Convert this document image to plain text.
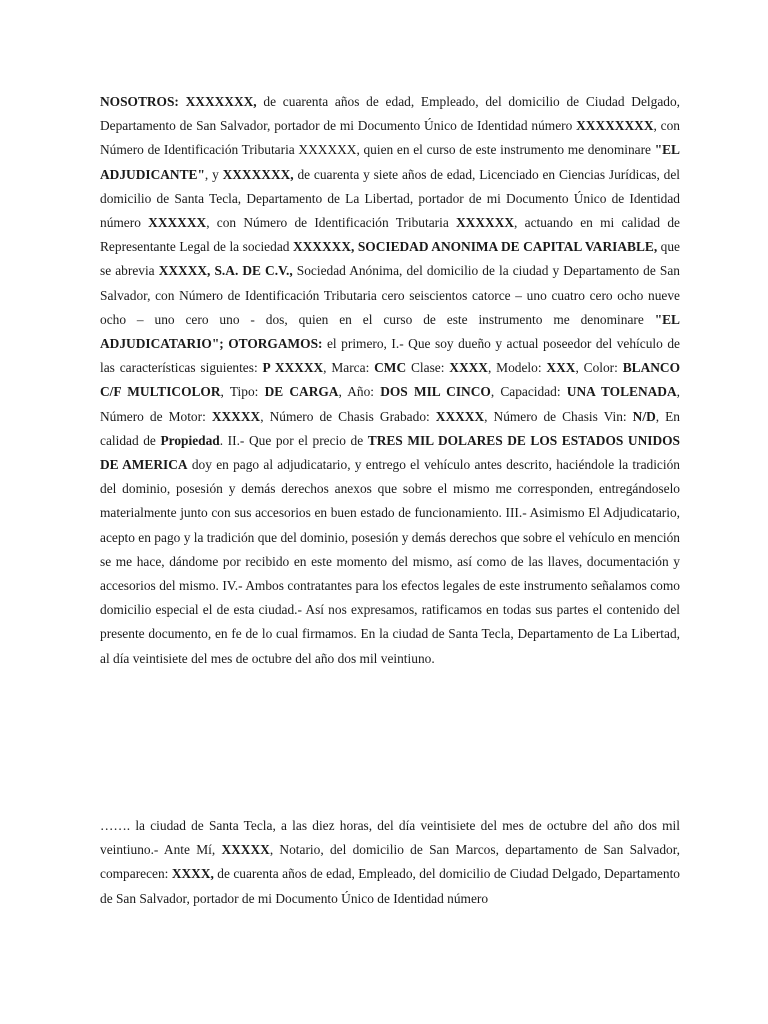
NOSOTROS: XXXXXXX, de cuarenta años de edad, Empleado, del domicilio de Ciudad Delgado, Departamento de San Salvador, portador de mi Documento Único de Identidad número XXXXXXXX, con Número de Identificación Tributaria XXXXXX, quien en el curso de este instrumento me denominare "EL ADJUDICANTE", y XXXXXXX, de cuarenta y siete años de edad, Licenciado en Ciencias Jurídicas, del domicilio de Santa Tecla, Departamento de La Libertad, portador de mi Documento Único de Identidad número XXXXXX, con Número de Identificación Tributaria XXXXXX, actuando en mi calidad de Representante Legal de la sociedad XXXXXX, SOCIEDAD ANONIMA DE CAPITAL VARIABLE, que se abrevia XXXXX, S.A. DE C.V., Sociedad Anónima, del domicilio de la ciudad y Departamento de San Salvador, con Número de Identificación Tributaria cero seiscientos catorce – uno cuatro cero ocho nueve ocho – uno cero uno - dos, quien en el curso de este instrumento me denominare "EL ADJUDICATARIO"; OTORGAMOS: el primero, I.- Que soy dueño y actual poseedor del vehículo de las características siguientes: P XXXXX, Marca: CMC Clase: XXXX, Modelo: XXX, Color: BLANCO C/F MULTICOLOR, Tipo: DE CARGA, Año: DOS MIL CINCO, Capacidad: UNA TOLENADA, Número de Motor: XXXXX, Número de Chasis Grabado: XXXXX, Número de Chasis Vin: N/D, En calidad de Propiedad. II.- Que por el precio de TRES MIL DOLARES DE LOS ESTADOS UNIDOS DE AMERICA doy en pago al adjudicatario, y entrego el vehículo antes descrito, haciéndole la tradición del dominio, posesión y demás derechos anexos que sobre el mismo me corresponden, entregándoselo materialmente junto con sus accesorios en buen estado de funcionamiento. III.- Asimismo El Adjudicatario, acepto en pago y la tradición que del dominio, posesión y demás derechos que sobre el vehículo en mención se me hace, dándome por recibido en este momento del mismo, así como de las llaves, documentación y accesorios del mismo. IV.- Ambos contratantes para los efectos legales de este instrumento señalamos como domicilio especial el de esta ciudad.- Así nos expresamos, ratificamos en todas sus partes el contenido del presente documento, en fe de lo cual firmamos. En la ciudad de Santa Tecla, Departamento de La Libertad, al día veintisiete del mes de octubre del año dos mil veintiuno.

……. la ciudad de Santa Tecla, a las diez horas, del día veintisiete del mes de octubre del año dos mil veintiuno.- Ante Mí, XXXXX, Notario, del domicilio de San Marcos, departamento de San Salvador, comparecen: XXXX, de cuarenta años de edad, Empleado, del domicilio de Ciudad Delgado, Departamento de San Salvador, portador de mi Documento Único de Identidad número
